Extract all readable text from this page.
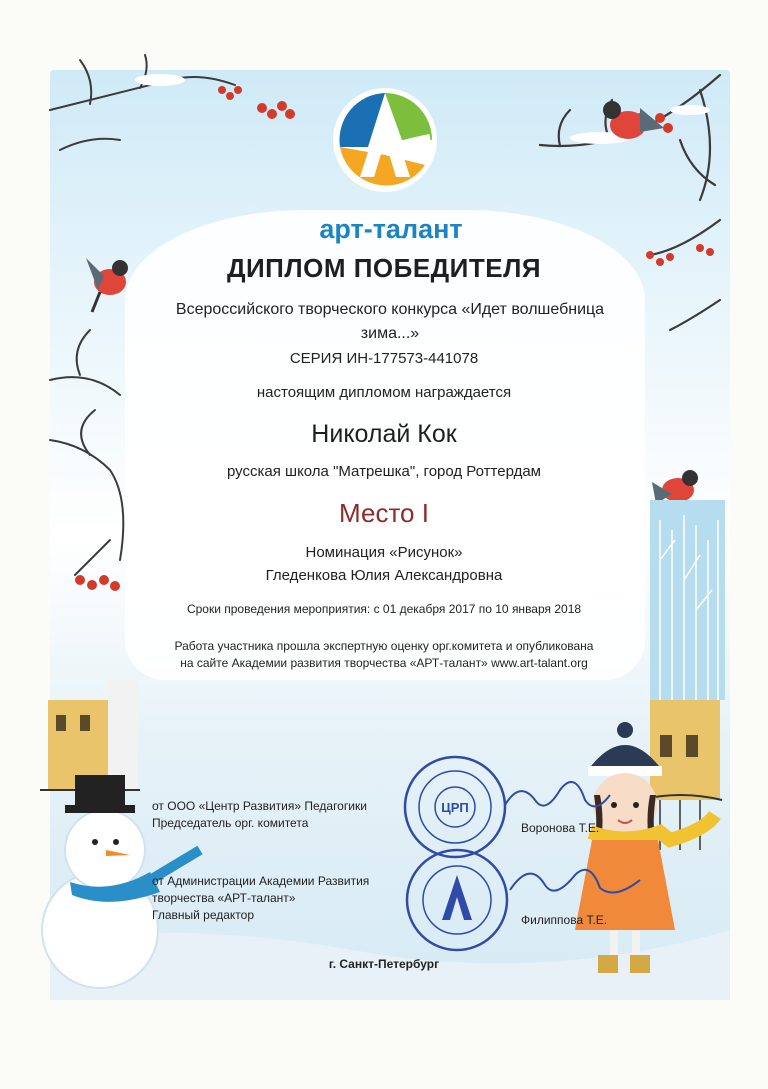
арт-талант
ДИПЛОМ ПОБЕДИТЕЛЯ
Всероссийского творческого конкурса «Идет волшебница зима...»
СЕРИЯ ИН-177573-441078
настоящим дипломом награждается
Николай Кок
русская школа "Матрешка", город Роттердам
Место I
Номинация «Рисунок»
Гледенкова Юлия Александровна
Сроки проведения мероприятия: с 01 декабря 2017 по 10 января 2018
Работа участника прошла экспертную оценку орг.комитета и опубликована
на сайте Академии развития творчества «АРТ-талант» www.art-talant.org
от ООО «Центр Развития» Педагогики
Председатель орг. комитета	Воронова Т.Е.
от Администрации Академии Развития
творчества «АРТ-талант»
Главный редактор	Филиппова Т.Е.
ЦРП
г. Санкт-Петербург
